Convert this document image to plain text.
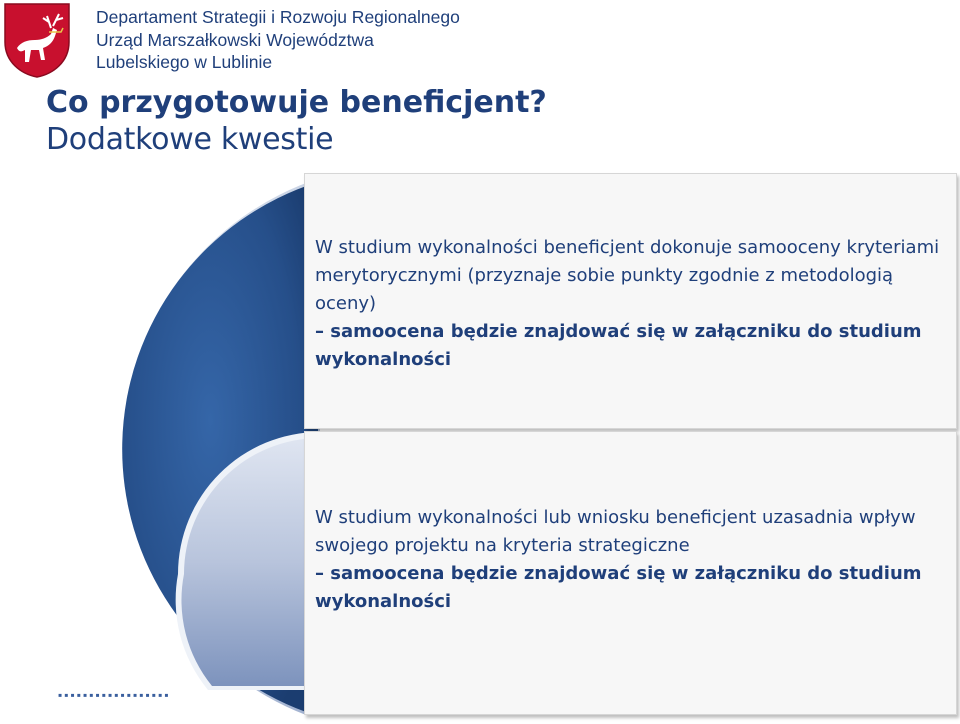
Departament Strategii i Rozwoju Regionalnego
Urząd Marszałkowski Województwa
Lubelskiego w Lublinie
Co przygotowuje beneficjent?
Dodatkowe kwestie

W studium wykonalności beneficjent dokonuje samooceny kryteriami merytorycznymi (przyznaje sobie punkty zgodnie z metodologią oceny)

– samoocena będzie znajdować się w załączniku do studium wykonalności

W studium wykonalności lub wniosku beneficjent uzasadnia wpływ swojego projektu na kryteria strategiczne

– samoocena będzie znajdować się w załączniku do studium wykonalności

▪▪▪▪▪▪▪▪▪▪▪▪▪▪▪▪▪▪
